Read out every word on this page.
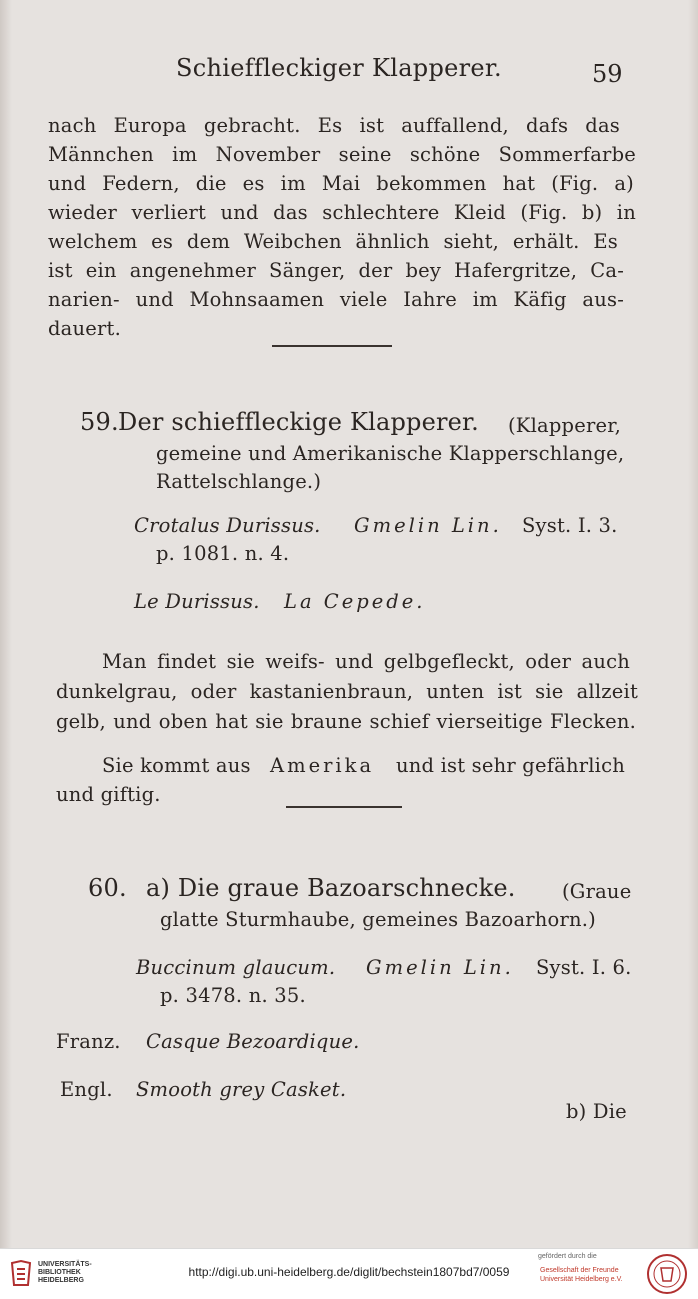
Schieffleckiger Klapperer.	59
nach Europa gebracht. Es ist auffallend, dafs das
Männchen im November seine schöne Sommerfarbe
und Federn, die es im Mai bekommen hat (Fig. a)
wieder verliert und das schlechtere Kleid (Fig. b) in
welchem es dem Weibchen ähnlich sieht, erhält. Es
ist ein angenehmer Sänger, der bey Hafergritze, Ca-
narien- und Mohnsaamen viele Iahre im Käfig aus-
dauert.
59. Der schieffleckige Klapperer. (Klapperer,
gemeine und Amerikanische Klapperschlange,
Rattelschlange.)
Crotalus Durissus. Gmelin Lin. Syst. I. 3.
p. 1081. n. 4.
Le Durissus. La Cepede.
Man findet sie weifs- und gelbgefleckt, oder auch
dunkelgrau, oder kastanienbraun, unten ist sie allzeit
gelb, und oben hat sie braune schief vierseitige Flecken.
Sie kommt aus Amerika und ist sehr gefährlich
und giftig.
60. a) Die graue Bazoarschnecke. (Graue
glatte Sturmhaube, gemeines Bazoarhorn.)
Buccinum glaucum. Gmelin Lin. Syst. I. 6.
p. 3478. n. 35.
Franz. Casque Bezoardique.
Engl. Smooth grey Casket.
b) Die
UNIVERSITÄTS-
BIBLIOTHEK
HEIDELBERG
http://digi.ub.uni-heidelberg.de/diglit/bechstein1807bd7/0059
gefördert durch die
Gesellschaft der Freunde
Universität Heidelberg e.V.
